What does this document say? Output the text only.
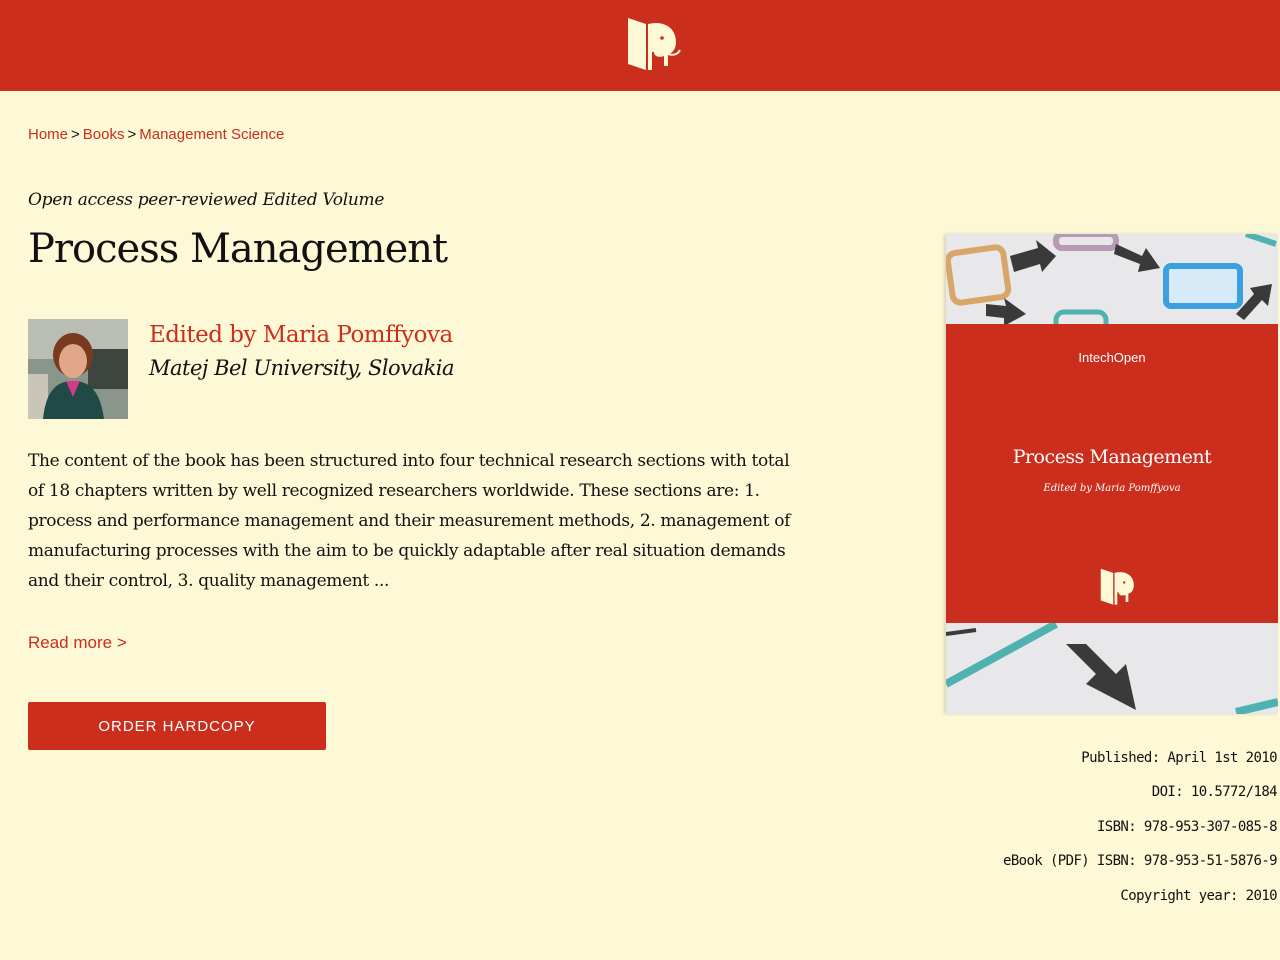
Home > Books > Management Science
Open access peer-reviewed Edited Volume
Process Management
Edited by Maria Pomffyova
Matej Bel University, Slovakia

The content of the book has been structured into four technical research sections with total of 18 chapters written by well recognized researchers worldwide. These sections are: 1. process and performance management and their measurement methods, 2. management of manufacturing processes with the aim to be quickly adaptable after real situation demands and their control, 3. quality management ...

Read more >
ORDER HARDCOPY
IntechOpen
Process Management
Edited by Maria Pomffyova
Published: April 1st 2010
DOI: 10.5772/184
ISBN: 978-953-307-085-8
eBook (PDF) ISBN: 978-953-51-5876-9
Copyright year: 2010
